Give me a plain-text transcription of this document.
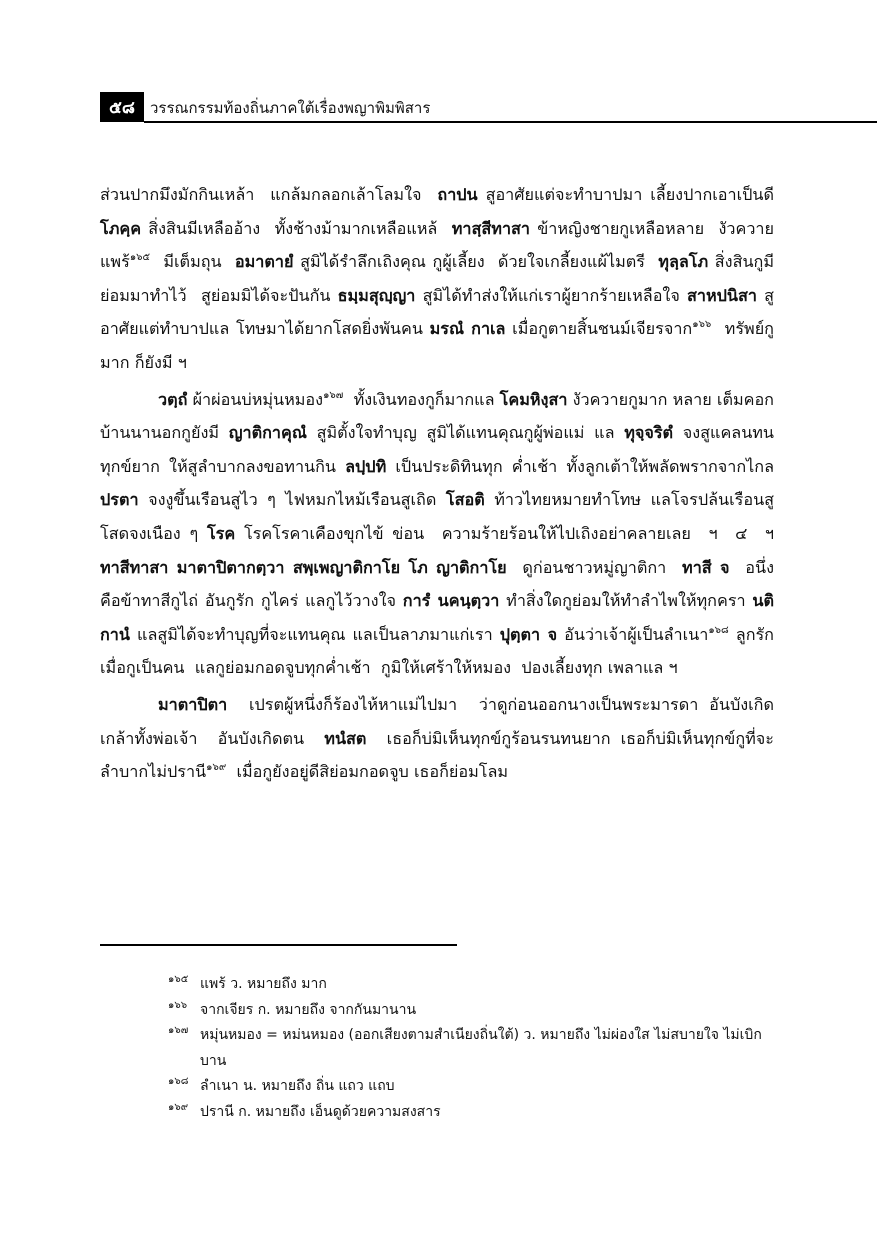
๕๘	วรรณกรรมท้องถิ่นภาคใต้เรื่องพญาพิมพิสาร

ส่วนปากมึงมักกินเหล้า  แกล้มกลอกเล้าโลมใจ  ถาปน สูอาศัยแต่จะทำบาปมา เลี้ยงปากเอาเป็นดี โภคฺค สิ่งสินมีเหลืออ้าง  ทั้งช้างม้ามากเหลือแหล้  ทาสฺสีทาสา ข้าหญิงชายกูเหลือหลาย  งัวควายแพร้$^{๑๖๕}$  มีเต็มถุน  อมาตายํ สูมิได้รำลึกเถิงคุณ กูผู้เลี้ยง  ด้วยใจเกลี้ยงแผ้ไมตรี  ทุลฺลโภ สิ่งสินกูมีย่อมมาทำไว้  สูย่อมมิได้จะปันกัน ธมฺมสุญฺญา สูมิได้ทำส่งให้แก่เราผู้ยากร้ายเหลือใจ สาหปนิสา สูอาศัยแต่ทำบาปแล โทษมาได้ยากโสดยิ่งพันคน มรณํ กาเล เมื่อกูตายสิ้นชนม์เจียรจาก$^{๑๖๖}$  ทรัพย์กูมาก ก็ยังมี ฯ

วตฺถํ ผ้าผ่อนบ่หมุ่นหมอง$^{๑๖๗}$  ทั้งเงินทองกูก็มากแล โคมหิงฺสา งัวควายกูมาก หลาย เต็มคอกบ้านนานอกกูยังมี ญาติกาคุณํ สูมิตั้งใจทำบุญ สูมิได้แทนคุณกูผู้พ่อแม่ แล ทุจฺจริตํ จงสูแคลนทนทุกข์ยาก ให้สูลำบากลงขอทานกิน ลปฺปทิ เป็นประดิทินทุก ค่ำเช้า ทั้งลูกเต้าให้พลัดพรากจากไกล ปรตา จงงูขึ้นเรือนสูไว ๆ ไฟหมกไหม้เรือนสูเถิด โสอติ ท้าวไทยหมายทำโทษ แลโจรปล้นเรือนสูโสดจงเนือง ๆ โรค โรคโรคาเคืองขุกไข้ ข่อน  ความร้ายร้อนให้ไปเถิงอย่าคลายเลย  ฯ  ๔  ฯ   ทาสีทาสา มาตาปิตากตฺวา สพฺเพญาติกาโย โภ ญาติกาโย  ดูก่อนชาวหมู่ญาติกา  ทาสี จ  อนึ่ง  คือข้าทาสีกูไถ่ อันกูรัก กูไคร่ แลกูไว้วางใจ การํ นคนฺตฺวา ทำสิ่งใดกูย่อมให้ทำลำไพให้ทุกครา นติกานํ แลสูมิได้จะทำบุญที่จะแทนคุณ แลเป็นลาภมาแก่เรา ปุตฺตา จ อันว่าเจ้าผู้เป็นลำเนา$^{๑๖๘}$ ลูกรัก  เมื่อกูเป็นคน  แลกูย่อมกอดจูบทุกค่ำเช้า  กูมิให้เศร้าให้หมอง  ปองเลี้ยงทุก เพลาแล ฯ

มาตาปิตา  เปรตผู้หนึ่งก็ร้องไห้หาแม่ไปมา  ว่าดูก่อนออกนางเป็นพระมารดา อันบังเกิดเกล้าทั้งพ่อเจ้า  อันบังเกิดตน  ทนํสต  เธอก็บ่มิเห็นทุกข์กูร้อนรนทนยาก เธอก็บ่มิเห็นทุกข์กูที่จะลำบากไม่ปรานี$^{๑๖๙}$  เมื่อกูยังอยู่ดีสิย่อมกอดจูบ เธอก็ย่อมโลม

๑๖๕ แพร้ ว. หมายถึง มาก
๑๖๖ จากเจียร ก. หมายถึง จากกันมานาน
๑๖๗ หมุ่นหมอง = หม่นหมอง (ออกเสียงตามสำเนียงถิ่นใต้) ว. หมายถึง ไม่ผ่องใส ไม่สบายใจ ไม่เบิกบาน
๑๖๘ ลำเนา น. หมายถึง ถิ่น แถว แถบ
๑๖๙ ปรานี ก. หมายถึง เอ็นดูด้วยความสงสาร
